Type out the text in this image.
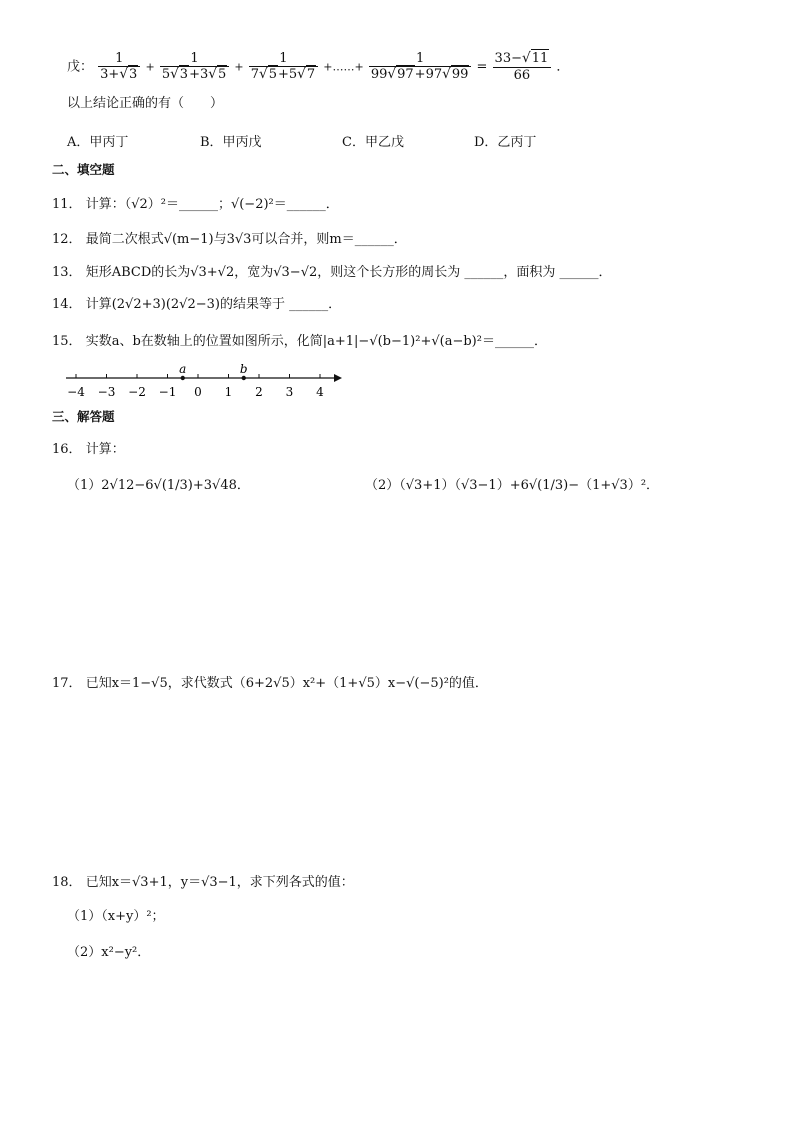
戊： $\frac{1}{3+√3} + \frac{1}{5√3+3√5} + \frac{1}{7√5+5√7}$ +……+ $\frac{1}{99√97+97√99} = \frac{33-√11}{66}$ ．
以上结论正确的有（　　）
A．甲丙丁	B．甲丙戊	C．甲乙戊	D．乙丙丁
二、填空题
11． 计算：（√2）²＝______；√(−2)²＝______．
12． 最简二次根式√(m−1)与3√3可以合并，则m＝______．
13． 矩形ABCD的长为√3+√2，宽为√3−√2，则这个长方形的周长为 ______，面积为 ______．
14． 计算(2√2+3)(2√2−3)的结果等于 ______．
15． 实数a、b在数轴上的位置如图所示，化简|a+1|−√(b−1)²+√(a−b)²＝______．
−4 −3 −2 −1 0 1 2 3 4
a	b
三、解答题
16． 计算：
（1）2√12−6√(1/3)+3√48．	（2）（√3+1）（√3−1）+6√(1/3)−（1+√3）²．
17． 已知x＝1−√5，求代数式（6+2√5）x²+（1+√5）x−√(−5)²的值．
18． 已知x＝√3+1，y＝√3−1，求下列各式的值：
（1）（x+y）²；
（2）x²−y²．
